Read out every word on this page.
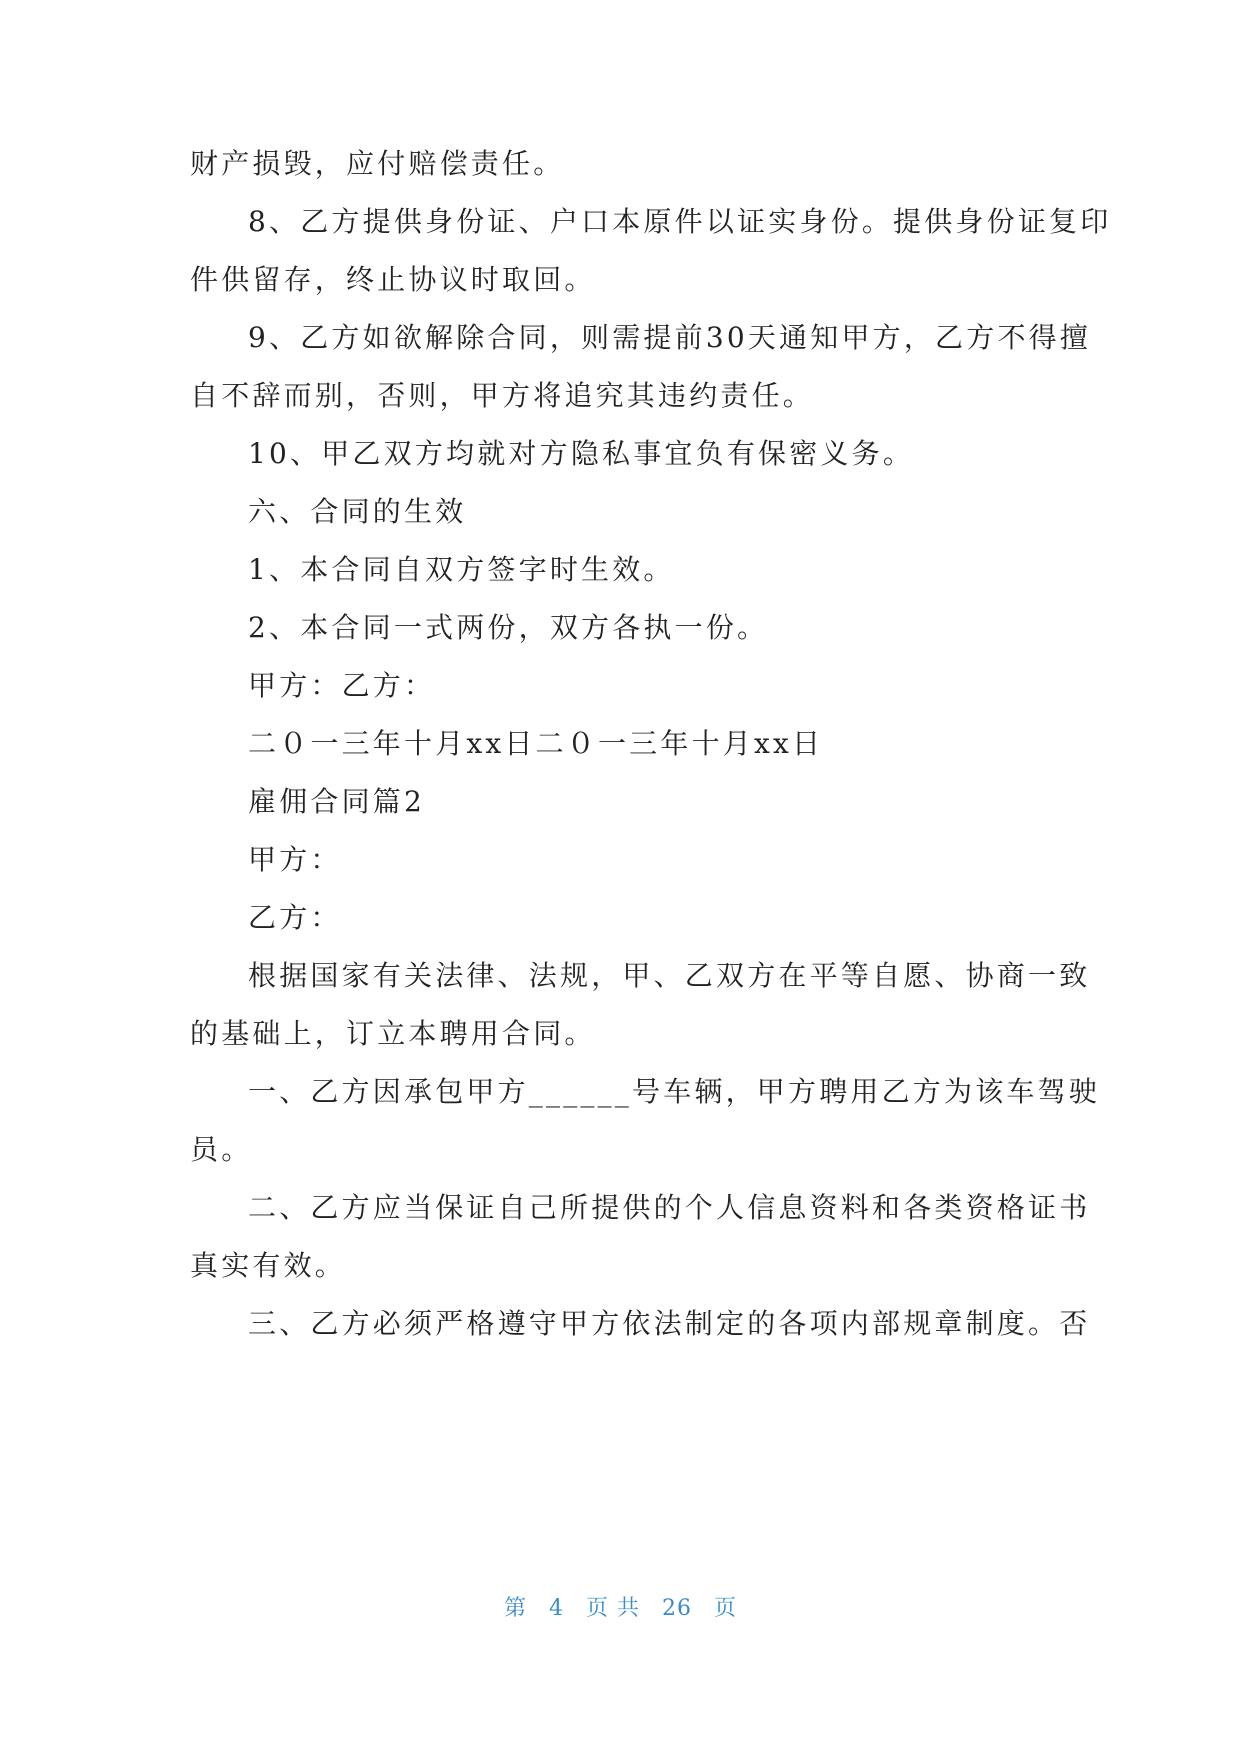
财产损毁，应付赔偿责任。
8、乙方提供身份证、户口本原件以证实身份。提供身份证复印
件供留存，终止协议时取回。
9、乙方如欲解除合同，则需提前30天通知甲方，乙方不得擅
自不辞而别，否则，甲方将追究其违约责任。
10、甲乙双方均就对方隐私事宜负有保密义务。
六、合同的生效
1、本合同自双方签字时生效。
2、本合同一式两份，双方各执一份。
甲方：乙方：
二０一三年十月xx日二０一三年十月xx日
雇佣合同篇2
甲方：
乙方：
根据国家有关法律、法规，甲、乙双方在平等自愿、协商一致
的基础上，订立本聘用合同。
一、乙方因承包甲方______号车辆，甲方聘用乙方为该车驾驶
员。
二、乙方应当保证自己所提供的个人信息资料和各类资格证书
真实有效。
三、乙方必须严格遵守甲方依法制定的各项内部规章制度。否
第 4 页 共 26 页
